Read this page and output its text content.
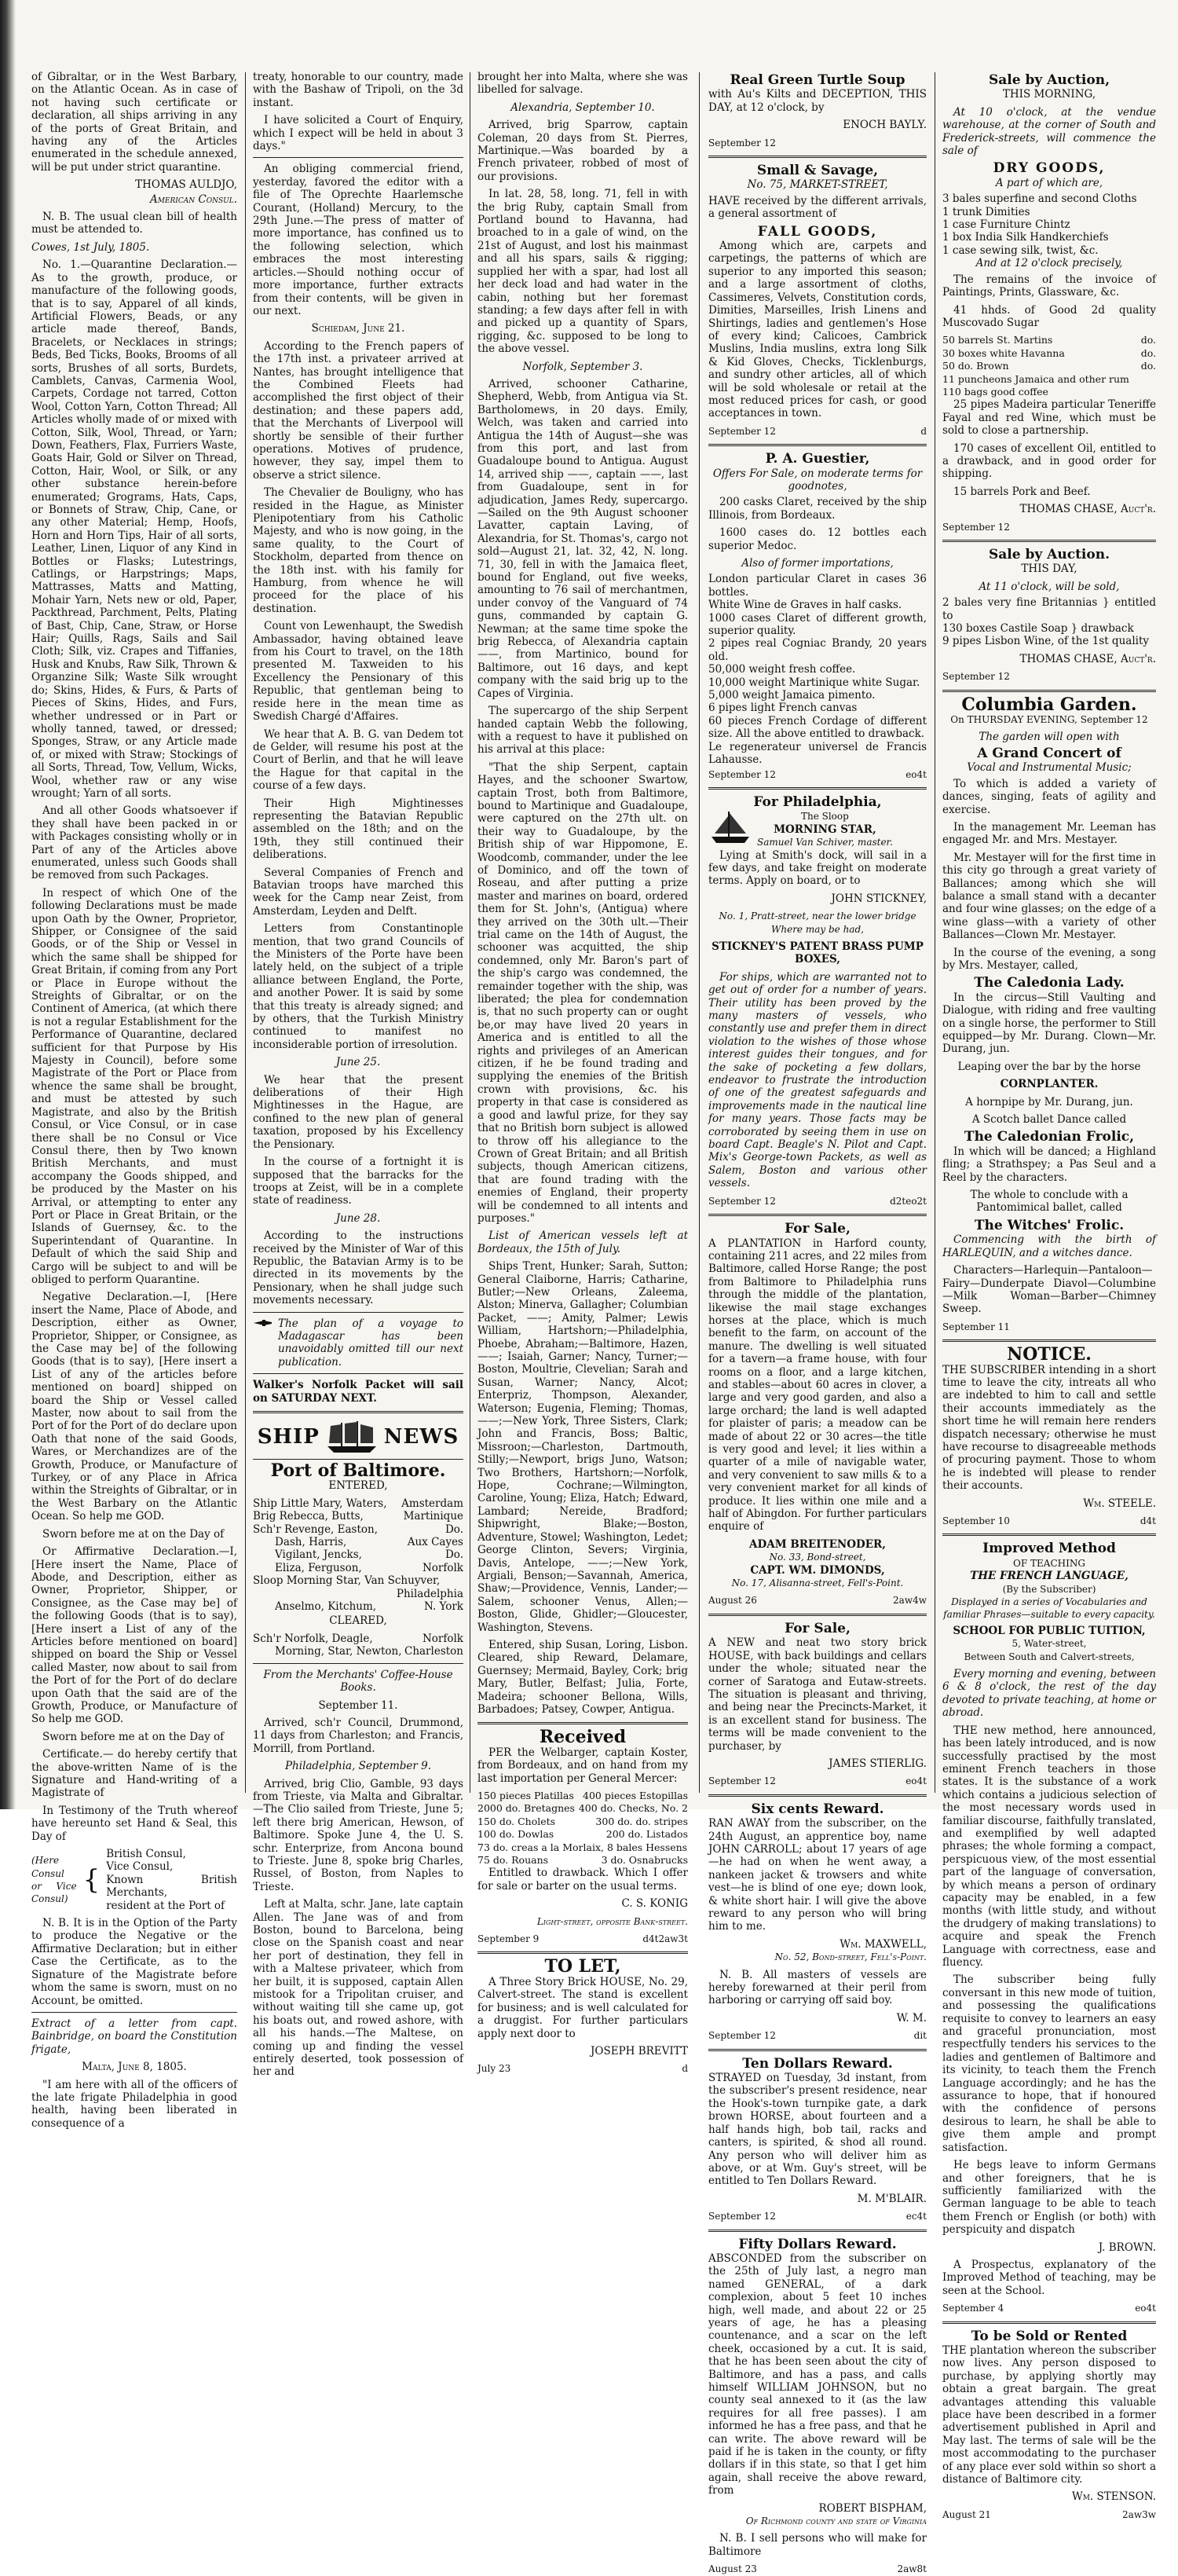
of Gibraltar, or in the West Barbary, on the Atlantic Ocean. As in case of not having such certificate or declaration, all ships arriving in any of the ports of Great Britain, and having any of the Articles enumerated in the schedule annexed, will be put under strict quarantine.

THOMAS AULDJO,

American Consul.

N. B. The usual clean bill of health must be attended to.

Cowes, 1st July, 1805.

No. 1.—Quarantine Declaration.—As to the growth, produce, or manufacture of the following goods, that is to say, Apparel of all kinds, Artificial Flowers, Beads, or any article made thereof, Bands, Bracelets, or Necklaces in strings; Beds, Bed Ticks, Books, Brooms of all sorts, Brushes of all sorts, Burdets, Camblets, Canvas, Carmenia Wool, Carpets, Cordage not tarred, Cotton Wool, Cotton Yarn, Cotton Thread; All Articles wholly made of or mixed with Cotton, Silk, Wool, Thread, or Yarn; Down, Feathers, Flax, Furriers Waste, Goats Hair, Gold or Silver on Thread, Cotton, Hair, Wool, or Silk, or any other substance herein-before enumerated; Grograms, Hats, Caps, or Bonnets of Straw, Chip, Cane, or any other Material; Hemp, Hoofs, Horn and Horn Tips, Hair of all sorts, Leather, Linen, Liquor of any Kind in Bottles or Flasks; Lutestrings, Catlings, or Harpstrings; Maps, Mattrasses, Matts and Matting, Mohair Yarn, Nets new or old, Paper, Packthread, Parchment, Pelts, Plating of Bast, Chip, Cane, Straw, or Horse Hair; Quills, Rags, Sails and Sail Cloth; Silk, viz. Crapes and Tiffanies, Husk and Knubs, Raw Silk, Thrown & Organzine Silk; Waste Silk wrought do; Skins, Hides, & Furs, & Parts of Pieces of Skins, Hides, and Furs, whether undressed or in Part or wholly tanned, tawed, or dressed; Sponges, Straw, or any Article made of, or mixed with Straw; Stockings of all Sorts, Thread, Tow, Vellum, Wicks, Wool, whether raw or any wise wrought; Yarn of all sorts.

And all other Goods whatsoever if they shall have been packed in or with Packages consisting wholly or in Part of any of the Articles above enumerated, unless such Goods shall be removed from such Packages.

In respect of which One of the following Declarations must be made upon Oath by the Owner, Proprietor, Shipper, or Consignee of the said Goods, or of the Ship or Vessel in which the same shall be shipped for Great Britain, if coming from any Port or Place in Europe without the Streights of Gibraltar, or on the Continent of America, (at which there is not a regular Establishment for the Performance of Quarantine, declared sufficient for that Purpose by His Majesty in Council), before some Magistrate of the Port or Place from whence the same shall be brought, and must be attested by such Magistrate, and also by the British Consul, or Vice Consul, or in case there shall be no Consul or Vice Consul there, then by Two known British Merchants, and must accompany the Goods shipped, and be produced by the Master on his Arrival, or attempting to enter any Port or Place in Great Britain, or the Islands of Guernsey, &c. to the Superintendant of Quarantine. In Default of which the said Ship and Cargo will be subject to and will be obliged to perform Quarantine.

Negative Declaration.—I, [Here insert the Name, Place of Abode, and Description, either as Owner, Proprietor, Shipper, or Consignee, as the Case may be] of the following Goods (that is to say), [Here insert a List of any of the articles before mentioned on board] shipped on board the Ship or Vessel called Master, now about to sail from the Port of for the Port of do declare upon Oath that none of the said Goods, Wares, or Merchandizes are of the Growth, Produce, or Manufacture of Turkey, or of any Place in Africa within the Streights of Gibraltar, or in the West Barbary on the Atlantic Ocean. So help me GOD.

Sworn before me at on the Day of

Or Affirmative Declaration.—I, [Here insert the Name, Place of Abode, and Description, either as Owner, Proprietor, Shipper, or Consignee, as the Case may be] of the following Goods (that is to say), [Here insert a List of any of the Articles before mentioned on board] shipped on board the Ship or Vessel called Master, now about to sail from the Port of for the Port of do declare upon Oath that the said are of the Growth, Produce, or Manufacture of So help me GOD.

Sworn before me at on the Day of

Certificate.— do hereby certify that the above-written Name of is the Signature and Hand-writing of a Magistrate of

In Testimony of the Truth whereof have hereunto set Hand & Seal, this Day of

(Here Consul or Vice Consul)
{
British Consul,
Vice Consul,
Known British Merchants,
resident at the Port of

N. B. It is in the Option of the Party to produce the Negative or the Affirmative Declaration; but in either Case the Certificate, as to the Signature of the Magistrate before whom the same is sworn, must on no Account, be omitted.

Extract of a letter from capt. Bainbridge, on board the Constitution frigate,

Malta, June 8, 1805.

"I am here with all of the officers of the late frigate Philadelphia in good health, having been liberated in consequence of a

treaty, honorable to our country, made with the Bashaw of Tripoli, on the 3d instant.

I have solicited a Court of Enquiry, which I expect will be held in about 3 days."

An obliging commercial friend, yesterday, favored the editor with a file of The Oprechte Haarlemsche Courant, (Holland) Mercury, to the 29th June.—The press of matter of more importance, has confined us to the following selection, which embraces the most interesting articles.—Should nothing occur of more importance, further extracts from their contents, will be given in our next.

Schiedam, June 21.

According to the French papers of the 17th inst. a privateer arrived at Nantes, has brought intelligence that the Combined Fleets had accomplished the first object of their destination; and these papers add, that the Merchants of Liverpool will shortly be sensible of their further operations. Motives of prudence, however, they say, impel them to observe a strict silence.

The Chevalier de Bouligny, who has resided in the Hague, as Minister Plenipotentiary from his Catholic Majesty, and who is now going, in the same quality, to the Court of Stockholm, departed from thence on the 18th inst. with his family for Hamburg, from whence he will proceed for the place of his destination.

Count von Lewenhaupt, the Swedish Ambassador, having obtained leave from his Court to travel, on the 18th presented M. Taxweiden to his Excellency the Pensionary of this Republic, that gentleman being to reside here in the mean time as Swedish Chargé d'Affaires.

We hear that A. B. G. van Dedem tot de Gelder, will resume his post at the Court of Berlin, and that he will leave the Hague for that capital in the course of a few days.

Their High Mightinesses representing the Batavian Republic assembled on the 18th; and on the 19th, they still continued their deliberations.

Several Companies of French and Batavian troops have marched this week for the Camp near Zeist, from Amsterdam, Leyden and Delft.

Letters from Constantinople mention, that two grand Councils of the Ministers of the Porte have been lately held, on the subject of a triple alliance between England, the Porte, and another Power. It is said by some that this treaty is already signed; and by others, that the Turkish Ministry continued to manifest no inconsiderable portion of irresolution.

June 25.

We hear that the present deliberations of their High Mightinesses in the Hague, are confined to the new plan of general taxation, proposed by his Excellency the Pensionary.

In the course of a fortnight it is supposed that the barracks for the troops at Zeist, will be in a complete state of readiness.

June 28.

According to the instructions received by the Minister of War of this Republic, the Batavian Army is to be directed in its movements by the Pensionary, when he shall judge such movements necessary.

The plan of a voyage to Madagascar has been unavoidably omitted till our next publication.

Walker's Norfolk Packet will sail on SATURDAY NEXT.

SHIP	NEWS

Port of Baltimore.

ENTERED,

Ship Little Mary, Waters, Amsterdam
Brig Rebecca, Butts,	Martinique
Sch'r Revenge, Easton,	Do.
Dash, Harris,	Aux Cayes
Vigilant, Jencks,	Do.
Eliza, Ferguson,	Norfolk
Sloop Morning Star, Van Schuyver,
Philadelphia
Anselmo, Kitchum,	N. York

CLEARED,

Sch'r Norfolk, Deagle,	Norfolk
Morning, Star, Newton, Charleston

From the Merchants' Coffee-House Books.

September 11.

Arrived, sch'r Council, Drummond, 11 days from Charleston; and Francis, Morrill, from Portland.

Philadelphia, September 9.

Arrived, brig Clio, Gamble, 93 days from Trieste, via Malta and Gibraltar.—The Clio sailed from Trieste, June 5; left there brig American, Hewson, of Baltimore. Spoke June 4, the U. S. schr. Enterprize, from Ancona bound to Trieste. June 8, spoke brig Charles, Russel, of Boston, from Naples to Trieste.

Left at Malta, schr. Jane, late captain Allen. The Jane was of and from Boston, bound to Barcelona, being close on the Spanish coast and near her port of destination, they fell in with a Maltese privateer, which from her built, it is supposed, captain Allen mistook for a Tripolitan cruiser, and without waiting till she came up, got his boats out, and rowed ashore, with all his hands.—The Maltese, on coming up and finding the vessel entirely deserted, took possession of her and

brought her into Malta, where she was libelled for salvage.

Alexandria, September 10.

Arrived, brig Sparrow, captain Coleman, 20 days from St. Pierres, Martinique.—Was boarded by a French privateer, robbed of most of our provisions.

In lat. 28, 58, long. 71, fell in with the brig Ruby, captain Small from Portland bound to Havanna, had broached to in a gale of wind, on the 21st of August, and lost his mainmast and all his spars, sails & rigging; supplied her with a spar, had lost all her deck load and had water in the cabin, nothing but her foremast standing; a few days after fell in with and picked up a quantity of Spars, rigging, &c. supposed to be long to the above vessel.

Norfolk, September 3.

Arrived, schooner Catharine, Shepherd, Webb, from Antigua via St. Bartholomews, in 20 days. Emily, Welch, was taken and carried into Antigua the 14th of August—she was from this port, and last from Guadaloupe bound to Antigua. August 14, arrived ship ——, captain ——, last from Guadaloupe, sent in for adjudication, James Redy, supercargo.—Sailed on the 9th August schooner Lavatter, captain Laving, of Alexandria, for St. Thomas's, cargo not sold—August 21, lat. 32, 42, N. long. 71, 30, fell in with the Jamaica fleet, bound for England, out five weeks, amounting to 76 sail of merchantmen, under convoy of the Vanguard of 74 guns, commanded by captain G. Newman; at the same time spoke the brig Rebecca, of Alexandria captain ——, from Martinico, bound for Baltimore, out 16 days, and kept company with the said brig up to the Capes of Virginia.

The supercargo of the ship Serpent handed captain Webb the following, with a request to have it published on his arrival at this place:

"That the ship Serpent, captain Hayes, and the schooner Swartow, captain Trost, both from Baltimore, bound to Martinique and Guadaloupe, were captured on the 27th ult. on their way to Guadaloupe, by the British ship of war Hippomone, E. Woodcomb, commander, under the lee of Dominico, and off the town of Roseau, and after putting a prize master and marines on board, ordered them for St. John's, (Antigua) where they arrived on the 30th ult.—Their trial came on the 14th of August, the schooner was acquitted, the ship condemned, only Mr. Baron's part of the ship's cargo was condemned, the remainder together with the ship, was liberated; the plea for condemnation is, that no such property can or ought be,or may have lived 20 years in America and is entitled to all the rights and privileges of an American citizen, if he be found trading and supplying the enemies of the British crown with provisions, &c. his property in that case is considered as a good and lawful prize, for they say that no British born subject is allowed to throw off his allegiance to the Crown of Great Britain; and all British subjects, though American citizens, that are found trading with the enemies of England, their property will be condemned to all intents and purposes."

List of American vessels left at Bordeaux, the 15th of July.

Ships Trent, Hunker; Sarah, Sutton; General Claiborne, Harris; Catharine, Butler;—New Orleans, Zaleema, Alston; Minerva, Gallagher; Columbian Packet, ——; Amity, Palmer; Lewis William, Hartshorn;—Philadelphia, Phoebe, Abraham;—Baltimore, Hazen, ——; Isaiah, Garner; Nancy, Turner;—Boston, Moultrie, Clevelian; Sarah and Susan, Warner; Nancy, Alcot; Enterpriz, Thompson, Alexander, Waterson; Eugenia, Fleming; Thomas, ——;—New York, Three Sisters, Clark; John and Francis, Boss; Baltic, Missroon;—Charleston, Dartmouth, Stilly;—Newport, brigs Juno, Watson; Two Brothers, Hartshorn;—Norfolk, Hope, Cochrane;—Wilmington, Caroline, Young; Eliza, Hatch; Edward, Lambard; Nereide, Bradford; Shipwright, Blake;—Boston, Adventure, Stowel; Washington, Ledet; George Clinton, Severs; Virginia, Davis, Antelope, ——;—New York, Argiali, Benson;—Savannah, America, Shaw;—Providence, Vennis, Lander;—Salem, schooner Venus, Allen;—Boston, Glide, Ghidler;—Gloucester, Washington, Stevens.

Entered, ship Susan, Loring, Lisbon. Cleared, ship Reward, Delamare, Guernsey; Mermaid, Bayley, Cork; brig Mary, Butler, Belfast; Julia, Forte, Madeira; schooner Bellona, Wills, Barbadoes; Patsey, Cowper, Antigua.

Received

PER the Welbarger, captain Koster, from Bordeaux, and on hand from my last importation per General Mercer:

150 pieces Platillas 400 pieces Estopillas
2000 do. Bretagnes 400 do. Checks, No. 2
150 do. Cholets	300 do. do. stripes
100 do. Dowlas	200 do. Listados
73 do. creas a la Morlaix, 8 bales Hessens
75 do. Rouans	3 do. Osnabrucks

Entitled to drawback. Which I offer for sale or barter on the usual terms.

C. S. KONIG

Light-street, opposite Bank-street.

September 9	d4t2aw3t

TO LET,

A Three Story Brick HOUSE, No. 29, Calvert-street. The stand is excellent for business; and is well calculated for a druggist. For further particulars apply next door to

JOSEPH BREVITT

July 23	d

Real Green Turtle Soup

with Au's Kilts and DECEPTION, THIS DAY, at 12 o'clock, by

ENOCH BAYLY.

September 12

Small & Savage,

No. 75, MARKET-STREET,

HAVE received by the different arrivals, a general assortment of

FALL GOODS,

Among which are, carpets and carpetings, the patterns of which are superior to any imported this season; and a large assortment of cloths, Cassimeres, Velvets, Constitution cords, Dimities, Marseilles, Irish Linens and Shirtings, ladies and gentlemen's Hose of every kind; Calicoes, Cambrick Muslins, India muslins, extra long Silk & Kid Gloves, Checks, Ticklenburgs, and sundry other articles, all of which will be sold wholesale or retail at the most reduced prices for cash, or good acceptances in town.

September 12	d

P. A. Guestier,

Offers For Sale, on moderate terms for goodnotes,

200 casks Claret, received by the ship Illinois, from Bordeaux.

1600 cases do. 12 bottles each superior Medoc.

Also of former importations,

London particular Claret in cases 36 bottles.

White Wine de Graves in half casks.

1000 cases Claret of different growth, superior quality.

2 pipes real Cogniac Brandy, 20 years old.

50,000 weight fresh coffee.

10,000 weight Martinique white Sugar.

5,000 weight Jamaica pimento.

6 pipes light French canvas

60 pieces French Cordage of different size. All the above entitled to drawback.

Le regenerateur universel de Francis Lahausse.

September 12	eo4t

For Philadelphia,

The Sloop

MORNING STAR,

Samuel Van Schiver, master.

Lying at Smith's dock, will sail in a few days, and take freight on moderate terms. Apply on board, or to

JOHN STICKNEY,

No. 1, Pratt-street, near the lower bridge Where may be had,

STICKNEY'S PATENT BRASS PUMP BOXES,

For ships, which are warranted not to get out of order for a number of years. Their utility has been proved by the many masters of vessels, who constantly use and prefer them in direct violation to the wishes of those whose interest guides their tongues, and for the sake of pocketing a few dollars, endeavor to frustrate the introduction of one of the greatest safeguards and improvements made in the nautical line for many years. Those facts may be corroborated by seeing them in use on board Capt. Beagle's N. Pilot and Capt. Mix's George-town Packets, as well as Salem, Boston and various other vessels.

September 12	d2teo2t

For Sale,

A PLANTATION in Harford county, containing 211 acres, and 22 miles from Baltimore, called Horse Range; the post from Baltimore to Philadelphia runs through the middle of the plantation, likewise the mail stage exchanges horses at the place, which is much benefit to the farm, on account of the manure. The dwelling is well situated for a tavern—a frame house, with four rooms on a floor, and a large kitchen, and stables—about 60 acres in clover, a large and very good garden, and also a large orchard; the land is well adapted for plaister of paris; a meadow can be made of about 22 or 30 acres—the title is very good and level; it lies within a quarter of a mile of navigable water, and very convenient to saw mills & to a very convenient market for all kinds of produce. It lies within one mile and a half of Abingdon. For further particulars enquire of

ADAM BREITENODER,

No. 33, Bond-street,

CAPT. WM. DIMONDS,

No. 17, Alisanna-street, Fell's-Point.

August 26	2aw4w

For Sale,

A NEW and neat two story brick HOUSE, with back buildings and cellars under the whole; situated near the corner of Saratoga and Eutaw-streets. The situation is pleasant and thriving, and being near the Precincts-Market, it is an excellent stand for business. The terms will be made convenient to the purchaser, by

JAMES STIERLIG.

September 12	eo4t

Six cents Reward.

RAN AWAY from the subscriber, on the 24th August, an apprentice boy, name JOHN CARROLL; about 17 years of age—he had on when he went away, a nankeen jacket & trowsers and white vest—he is blind of one eye; down look, & white short hair. I will give the above reward to any person who will bring him to me.

Wm. MAXWELL,

No. 52, Bond-street, Fell's-Point.

N. B. All masters of vessels are hereby forewarned at their peril from harboring or carrying off said boy.

W. M.

September 12	dit

Ten Dollars Reward.

STRAYED on Tuesday, 3d instant, from the subscriber's present residence, near the Hook's-town turnpike gate, a dark brown HORSE, about fourteen and a half hands high, bob tail, racks and canters, is spirited, & shod all round. Any person who will deliver him as above, or at Wm. Guy's street, will be entitled to Ten Dollars Reward.

M. M'BLAIR.

September 12	ec4t

Fifty Dollars Reward.

ABSCONDED from the subscriber on the 25th of July last, a negro man named GENERAL, of a dark complexion, about 5 feet 10 inches high, well made, and about 22 or 25 years of age, he has a pleasing countenance, and a scar on the left cheek, occasioned by a cut. It is said, that he has been seen about the city of Baltimore, and has a pass, and calls himself WILLIAM JOHNSON, but no county seal annexed to it (as the law requires for all free passes). I am informed he has a free pass, and that he can write. The above reward will be paid if he is taken in the county, or fifty dollars if in this state, so that I get him again, shall receive the above reward, from

ROBERT BISPHAM,

Of Richmond county and state of Virginia

N. B. I sell persons who will make for Baltimore

August 23	2aw8t

Sale by Auction,

THIS MORNING,

At 10 o'clock, at the vendue warehouse, at the corner of South and Frederick-streets, will commence the sale of

DRY GOODS,

A part of which are,

3 bales superfine and second Cloths

1 trunk Dimities

1 case Furniture Chintz

1 box India Silk Handkerchiefs

1 case sewing silk, twist, &c.

And at 12 o'clock precisely,

The remains of the invoice of Paintings, Prints, Glassware, &c.

41 hhds. of Good 2d quality Muscovado Sugar

50 barrels St. Martins	do.
30 boxes white Havanna	do.
50 do. Brown	do.
11 puncheons Jamaica and other rum
110 bags good coffee

25 pipes Madeira particular Teneriffe Fayal and red Wine, which must be sold to close a partnership.

170 cases of excellent Oil, entitled to a drawback, and in good order for shipping.

15 barrels Pork and Beef.

THOMAS CHASE, Auct'r.

September 12

Sale by Auction.

THIS DAY,

At 11 o'clock, will be sold,

2 bales very fine Britannias } entitled to

130 boxes Castile Soap } drawback

9 pipes Lisbon Wine, of the 1st quality

THOMAS CHASE, Auct'r.

September 12

Columbia Garden.

On THURSDAY EVENING, September 12

The garden will open with

A Grand Concert of

Vocal and Instrumental Music;

To which is added a variety of dances, singing, feats of agility and exercise.

In the management Mr. Leeman has engaged Mr. and Mrs. Mestayer.

Mr. Mestayer will for the first time in this city go through a great variety of Ballances; among which she will balance a small stand with a decanter and four wine glasses; on the edge of a wine glass—with a variety of other Ballances—Clown Mr. Mestayer.

In the course of the evening, a song by Mrs. Mestayer, called,

The Caledonia Lady.

In the circus—Still Vaulting and Dialogue, with riding and free vaulting on a single horse, the performer to Still equipped—by Mr. Durang. Clown—Mr. Durang, jun.

Leaping over the bar by the horse

CORNPLANTER.

A hornpipe by Mr. Durang, jun.

A Scotch ballet Dance called

The Caledonian Frolic,

In which will be danced; a Highland fling; a Strathspey; a Pas Seul and a Reel by the characters.

The whole to conclude with a Pantomimical ballet, called

The Witches' Frolic.

Commencing with the birth of HARLEQUIN, and a witches dance.

Characters—Harlequin—Pantaloon—Fairy—Dunderpate Diavol—Columbine—Milk Woman—Barber—Chimney Sweep.

September 11

NOTICE.

THE SUBSCRIBER intending in a short time to leave the city, intreats all who are indebted to him to call and settle their accounts immediately as the short time he will remain here renders dispatch necessary; otherwise he must have recourse to disagreeable methods of procuring payment. Those to whom he is indebted will please to render their accounts.

Wm. STEELE.

September 10	d4t

Improved Method

OF TEACHING

THE FRENCH LANGUAGE,

(By the Subscriber)

Displayed in a series of Vocabularies and familiar Phrases—suitable to every capacity.

SCHOOL FOR PUBLIC TUITION,

5, Water-street,

Between South and Calvert-streets,

Every morning and evening, between 6 & 8 o'clock, the rest of the day devoted to private teaching, at home or abroad.

THE new method, here announced, has been lately introduced, and is now successfully practised by the most eminent French teachers in those states. It is the substance of a work which contains a judicious selection of the most necessary words used in familiar discourse, faithfully translated, and exemplified by well adapted phrases; the whole forming a compact, perspicuous view, of the most essential part of the language of conversation, by which means a person of ordinary capacity may be enabled, in a few months (with little study, and without the drudgery of making translations) to acquire and speak the French Language with correctness, ease and fluency.

The subscriber being fully conversant in this new mode of tuition, and possessing the qualifications requisite to convey to learners an easy and graceful pronunciation, most respectfully tenders his services to the ladies and gentlemen of Baltimore and its vicinity, to teach them the French Language accordingly; and he has the assurance to hope, that if honoured with the confidence of persons desirous to learn, he shall be able to give them ample and prompt satisfaction.

He begs leave to inform Germans and other foreigners, that he is sufficiently familiarized with the German language to be able to teach them French or English (or both) with perspicuity and dispatch

J. BROWN.

A Prospectus, explanatory of the Improved Method of teaching, may be seen at the School.

September 4	eo4t

To be Sold or Rented

THE plantation whereon the subscriber now lives. Any person disposed to purchase, by applying shortly may obtain a great bargain. The great advantages attending this valuable place have been described in a former advertisement published in April and May last. The terms of sale will be the most accommodating to the purchaser of any place ever sold within so short a distance of Baltimore city.

Wm. STENSON.

August 21	2aw3w
